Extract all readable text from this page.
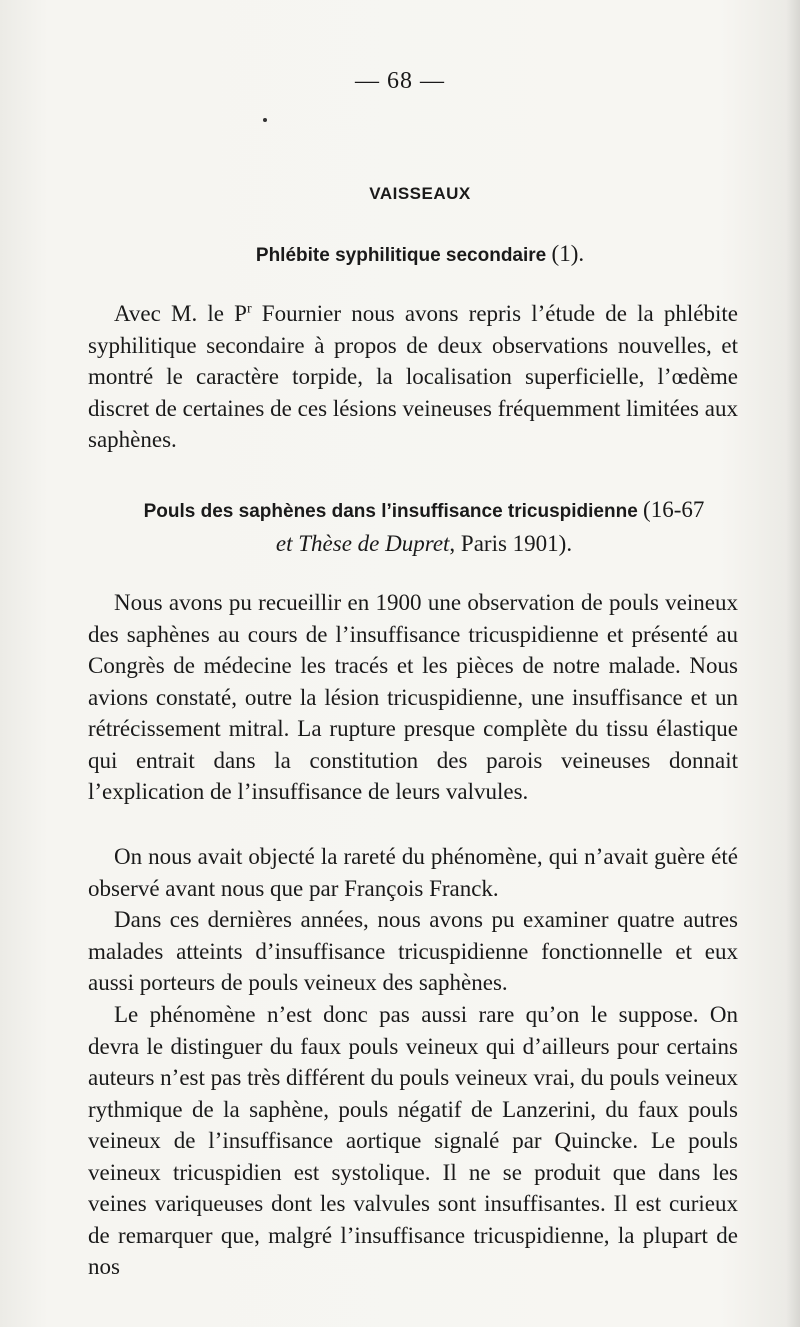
— 68 —
VAISSEAUX
Phlébite syphilitique secondaire (1).

Avec M. le $P^r$ Fournier nous avons repris l’étude de la phlébite syphilitique secondaire à propos de deux observations nouvelles, et montré le caractère torpide, la localisation superficielle, l’œdème discret de certaines de ces lésions veineuses fréquemment limitées aux saphènes.

Pouls des saphènes dans l’insuffisance tricuspidienne (16-67
et Thèse de Dupret, Paris 1901).

Nous avons pu recueillir en 1900 une observation de pouls veineux des saphènes au cours de l’insuffisance tricuspidienne et présenté au Congrès de médecine les tracés et les pièces de notre malade. Nous avions constaté, outre la lésion tricuspidienne, une insuffisance et un rétrécissement mitral. La rupture presque complète du tissu élastique qui entrait dans la constitution des parois veineuses donnait l’explication de l’insuffisance de leurs valvules.

On nous avait objecté la rareté du phénomène, qui n’avait guère été observé avant nous que par François Franck.

Dans ces dernières années, nous avons pu examiner quatre autres malades atteints d’insuffisance tricuspidienne fonctionnelle et eux aussi porteurs de pouls veineux des saphènes.

Le phénomène n’est donc pas aussi rare qu’on le suppose. On devra le distinguer du faux pouls veineux qui d’ailleurs pour certains auteurs n’est pas très différent du pouls veineux vrai, du pouls veineux rythmique de la saphène, pouls négatif de Lanzerini, du faux pouls veineux de l’insuffisance aortique signalé par Quincke. Le pouls veineux tricuspidien est systolique. Il ne se produit que dans les veines variqueuses dont les valvules sont insuffisantes. Il est curieux de remarquer que, malgré l’insuffisance tricuspidienne, la plupart de nos
